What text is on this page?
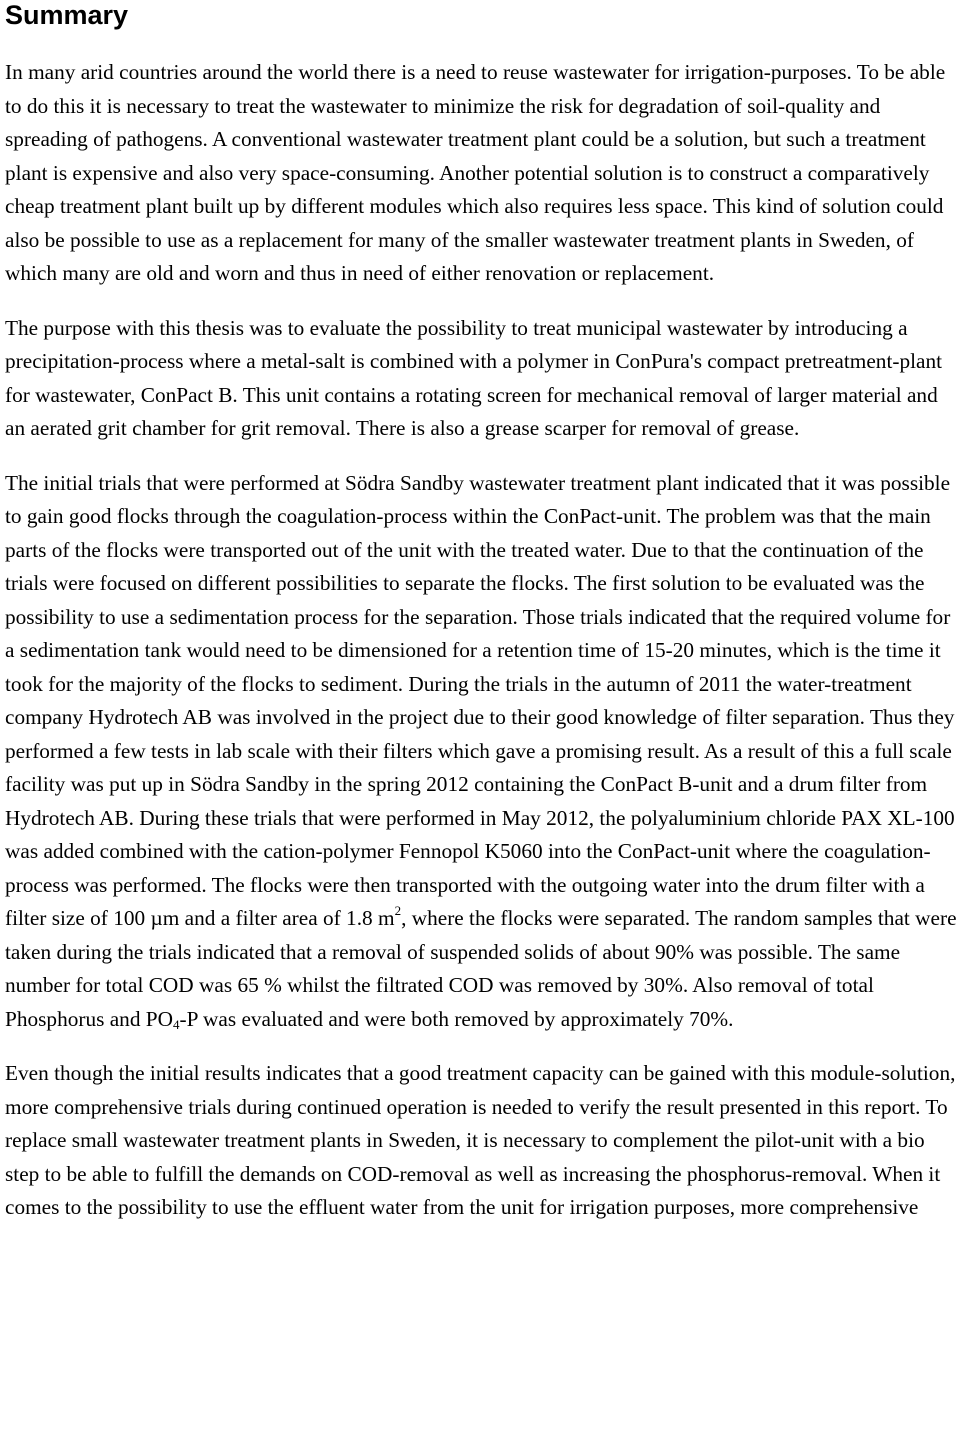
Summary

In many arid countries around the world there is a need to reuse wastewater for irrigation-purposes. To be able to do this it is necessary to treat the wastewater to minimize the risk for degradation of soil-quality and spreading of pathogens. A conventional wastewater treatment plant could be a solution, but such a treatment plant is expensive and also very space-consuming. Another potential solution is to construct a comparatively cheap treatment plant built up by different modules which also requires less space. This kind of solution could also be possible to use as a replacement for many of the smaller wastewater treatment plants in Sweden, of which many are old and worn and thus in need of either renovation or replacement.

The purpose with this thesis was to evaluate the possibility to treat municipal wastewater by introducing a precipitation-process where a metal-salt is combined with a polymer in ConPura's compact pretreatment-plant for wastewater, ConPact B. This unit contains a rotating screen for mechanical removal of larger material and an aerated grit chamber for grit removal. There is also a grease scarper for removal of grease.

The initial trials that were performed at Södra Sandby wastewater treatment plant indicated that it was possible to gain good flocks through the coagulation-process within the ConPact-unit. The problem was that the main parts of the flocks were transported out of the unit with the treated water. Due to that the continuation of the trials were focused on different possibilities to separate the flocks. The first solution to be evaluated was the possibility to use a sedimentation process for the separation. Those trials indicated that the required volume for a sedimentation tank would need to be dimensioned for a retention time of 15-20 minutes, which is the time it took for the majority of the flocks to sediment. During the trials in the autumn of 2011 the water-treatment company Hydrotech AB was involved in the project due to their good knowledge of filter separation. Thus they performed a few tests in lab scale with their filters which gave a promising result. As a result of this a full scale facility was put up in Södra Sandby in the spring 2012 containing the ConPact B-unit and a drum filter from Hydrotech AB. During these trials that were performed in May 2012, the polyaluminium chloride PAX XL-100 was added combined with the cation-polymer Fennopol K5060 into the ConPact-unit where the coagulation-process was performed. The flocks were then transported with the outgoing water into the drum filter with a filter size of 100 µm and a filter area of 1.8 $m^2$, where the flocks were separated. The random samples that were taken during the trials indicated that a removal of suspended solids of about 90% was possible. The same number for total COD was 65 % whilst the filtrated COD was removed by 30%. Also removal of total Phosphorus and $PO_4-P$ was evaluated and were both removed by approximately 70%.

Even though the initial results indicates that a good treatment capacity can be gained with this module-solution, more comprehensive trials during continued operation is needed to verify the result presented in this report. To replace small wastewater treatment plants in Sweden, it is necessary to complement the pilot-unit with a bio step to be able to fulfill the demands on COD-removal as well as increasing the phosphorus-removal. When it comes to the possibility to use the effluent water from the unit for irrigation purposes, more comprehensive
